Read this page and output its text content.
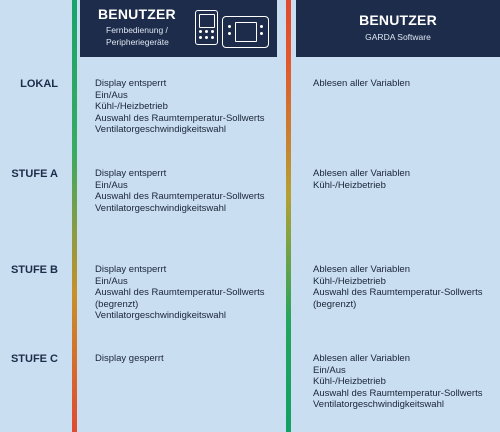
BENUTZER
Fernbedienung /
Peripheriegeräte
BENUTZER
GARDA Software
LOKAL
STUFE A
STUFE B
STUFE C
Display entsperrt
Ein/Aus
Kühl-/Heizbetrieb
Auswahl des Raumtemperatur-Sollwerts
Ventilatorgeschwindigkeitswahl
Ablesen aller Variablen
Display entsperrt
Ein/Aus
Auswahl des Raumtemperatur-Sollwerts
Ventilatorgeschwindigkeitswahl
Ablesen aller Variablen
Kühl-/Heizbetrieb
Display entsperrt
Ein/Aus
Auswahl des Raumtemperatur-Sollwerts
(begrenzt)
Ventilatorgeschwindigkeitswahl
Ablesen aller Variablen
Kühl-/Heizbetrieb
Auswahl des Raumtemperatur-Sollwerts
(begrenzt)
Display gesperrt	Ablesen aller Variablen
Ein/Aus
Kühl-/Heizbetrieb
Auswahl des Raumtemperatur-Sollwerts
Ventilatorgeschwindigkeitswahl
